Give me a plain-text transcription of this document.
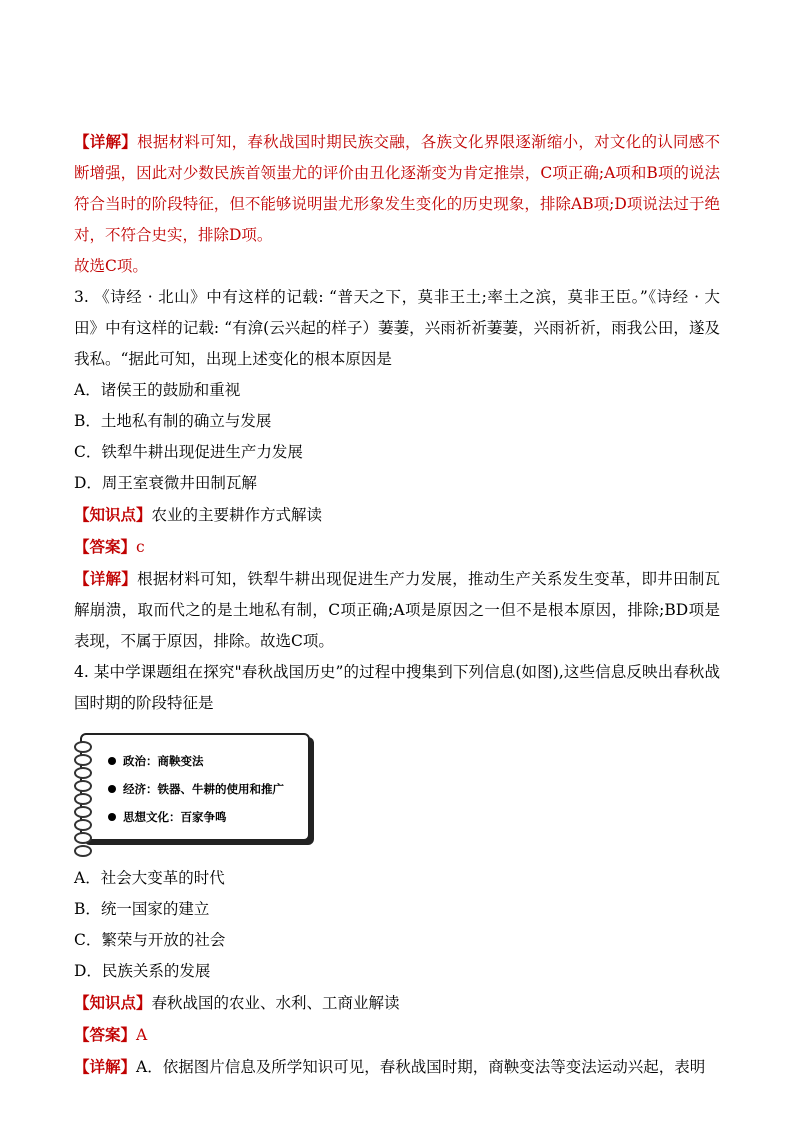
【详解】根据材料可知，春秋战国时期民族交融，各族文化界限逐渐缩小，对文化的认同感不断增强，因此对少数民族首领蚩尤的评价由丑化逐渐变为肯定推崇，C项正确;A项和B项的说法符合当时的阶段特征，但不能够说明蚩尤形象发生变化的历史现象，排除AB项;D项说法过于绝对，不符合史实，排除D项。

故选C项。

3. 《诗经 · 北山》中有这样的记载: “普天之下，莫非王土;率土之滨，莫非王臣。”《诗经 · 大田》中有这样的记载: “有渰(云兴起的样子）萋萋，兴雨祈祈萋萋，兴雨祈祈，雨我公田，遂及我私。“据此可知，出现上述变化的根本原因是

A．诸侯王的鼓励和重视

B．土地私有制的确立与发展

C．铁犁牛耕出现促进生产力发展

D．周王室衰微井田制瓦解

【知识点】农业的主要耕作方式解读

【答案】c

【详解】根据材料可知，铁犁牛耕出现促进生产力发展，推动生产关系发生变革，即井田制瓦解崩溃，取而代之的是土地私有制，C项正确;A项是原因之一但不是根本原因，排除;BD项是表现，不属于原因，排除。故选C项。

4. 某中学课题组在探究"春秋战国历史”的过程中搜集到下列信息(如图),这些信息反映出春秋战国时期的阶段特征是

政治：商鞅变法
经济：铁器、牛耕的使用和推广
思想文化：百家争鸣

A．社会大变革的时代

B．统一国家的建立

C．繁荣与开放的社会

D．民族关系的发展

【知识点】春秋战国的农业、水利、工商业解读

【答案】A

【详解】A．依据图片信息及所学知识可见，春秋战国时期，商鞅变法等变法运动兴起，表明
